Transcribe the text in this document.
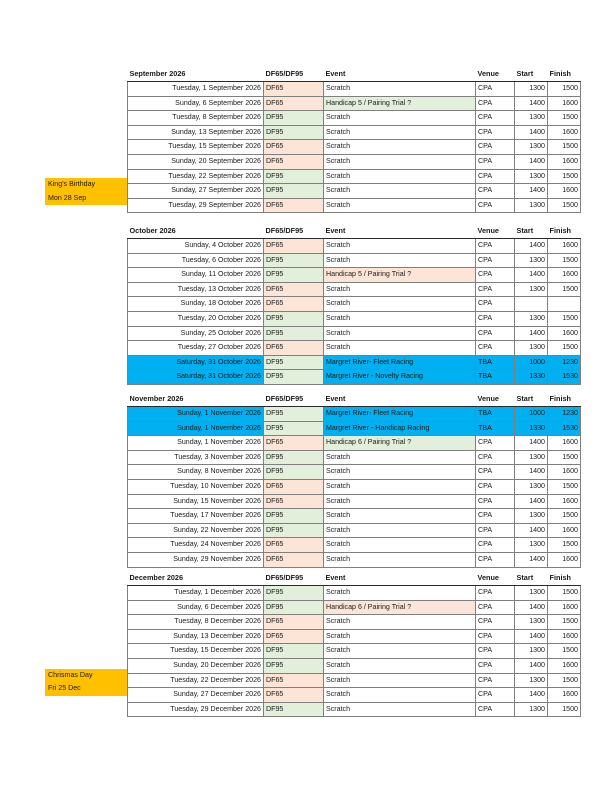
King's Birthday
Mon 28 Sep
September 2026	DF65/DF95	Event	Venue	Start	Finish
Tuesday, 1 September 2026	DF65	Scratch	CPA	1300	1500
Sunday, 6 September 2026	DF65	Handicap 5 / Pairing Trial ?	CPA	1400	1600
Tuesday, 8 September 2026	DF95	Scratch	CPA	1300	1500
Sunday, 13 September 2026	DF95	Scratch	CPA	1400	1600
Tuesday, 15 September 2026	DF65	Scratch	CPA	1300	1500
Sunday, 20 September 2026	DF65	Scratch	CPA	1400	1600
Tuesday, 22 September 2026	DF95	Scratch	CPA	1300	1500
Sunday, 27 September 2026	DF95	Scratch	CPA	1400	1600
Tuesday, 29 September 2026	DF65	Scratch	CPA	1300	1500
October 2026	DF65/DF95	Event	Venue	Start	Finish
Sunday, 4 October 2026	DF65	Scratch	CPA	1400	1600
Tuesday, 6 October 2026	DF95	Scratch	CPA	1300	1500
Sunday, 11 October 2026	DF95	Handicap 5 / Pairing Trial ?	CPA	1400	1600
Tuesday, 13 October 2026	DF65	Scratch	CPA	1300	1500
Sunday, 18 October 2026	DF65	Scratch	CPA		
Tuesday, 20 October 2026	DF95	Scratch	CPA	1300	1500
Sunday, 25 October 2026	DF95	Scratch	CPA	1400	1600
Tuesday, 27 October 2026	DF65	Scratch	CPA	1300	1500
Saturday, 31 October 2026	DF95	Margret River- Fleet Racing	TBA	1000	1230
Saturday, 31 October 2026	DF95	Margret River - Novelty Racing	TBA	1330	1530
November 2026	DF65/DF95	Event	Venue	Start	Finish
Sunday, 1 November 2026	DF95	Margret River- Fleet Racing	TBA	1000	1230
Sunday, 1 November 2026	DF95	Margret River - Handicap Racing	TBA	1330	1530
Sunday, 1 November 2026	DF65	Handicap 6 / Pairing Trial ?	CPA	1400	1600
Tuesday, 3 November 2026	DF95	Scratch	CPA	1300	1500
Sunday, 8 November 2026	DF95	Scratch	CPA	1400	1600
Tuesday, 10 November 2026	DF65	Scratch	CPA	1300	1500
Sunday, 15 November 2026	DF65	Scratch	CPA	1400	1600
Tuesday, 17 November 2026	DF95	Scratch	CPA	1300	1500
Sunday, 22 November 2026	DF95	Scratch	CPA	1400	1600
Tuesday, 24 November 2026	DF65	Scratch	CPA	1300	1500
Sunday, 29 November 2026	DF65	Scratch	CPA	1400	1600
Chrismas Day
Fri 25 Dec
December 2026	DF65/DF95	Event	Venue	Start	Finish
Tuesday, 1 December 2026	DF95	Scratch	CPA	1300	1500
Sunday, 6 December 2026	DF95	Handicap 6 / Pairing Trial ?	CPA	1400	1600
Tuesday, 8 December 2026	DF65	Scratch	CPA	1300	1500
Sunday, 13 December 2026	DF65	Scratch	CPA	1400	1600
Tuesday, 15 December 2026	DF95	Scratch	CPA	1300	1500
Sunday, 20 December 2026	DF95	Scratch	CPA	1400	1600
Tuesday, 22 December 2026	DF65	Scratch	CPA	1300	1500
Sunday, 27 December 2026	DF65	Scratch	CPA	1400	1600
Tuesday, 29 December 2026	DF95	Scratch	CPA	1300	1500
